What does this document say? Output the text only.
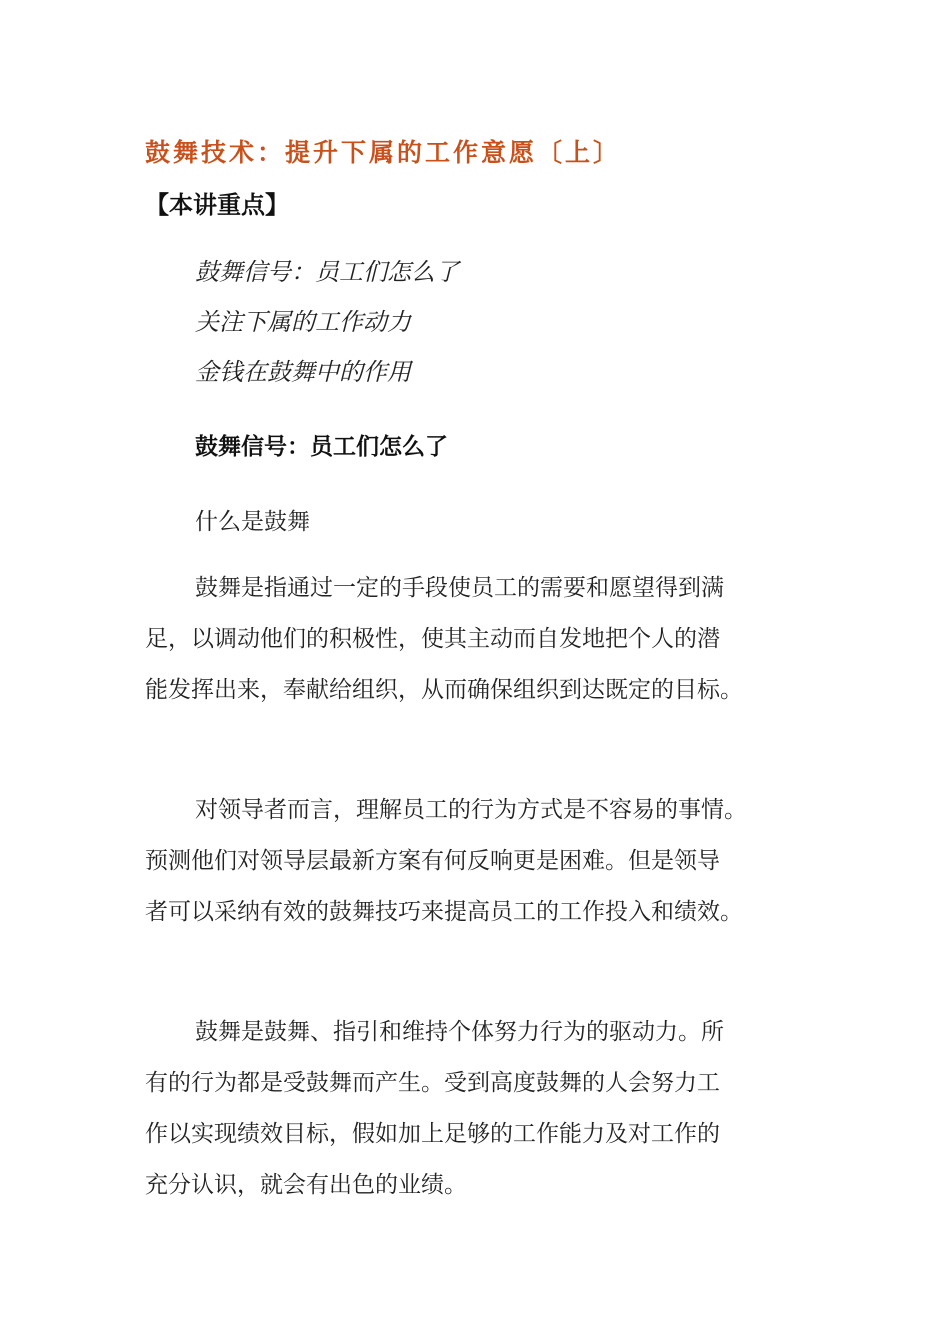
鼓舞技术：提升下属的工作意愿〔上〕
【本讲重点】
鼓舞信号：员工们怎么了
关注下属的工作动力
金钱在鼓舞中的作用
鼓舞信号：员工们怎么了
什么是鼓舞

鼓舞是指通过一定的手段使员工的需要和愿望得到满
足，以调动他们的积极性，使其主动而自发地把个人的潜
能发挥出来，奉献给组织，从而确保组织到达既定的目标。

对领导者而言，理解员工的行为方式是不容易的事情。
预测他们对领导层最新方案有何反响更是困难。但是领导
者可以采纳有效的鼓舞技巧来提高员工的工作投入和绩效。

鼓舞是鼓舞、指引和维持个体努力行为的驱动力。所
有的行为都是受鼓舞而产生。受到高度鼓舞的人会努力工
作以实现绩效目标，假如加上足够的工作能力及对工作的
充分认识，就会有出色的业绩。
